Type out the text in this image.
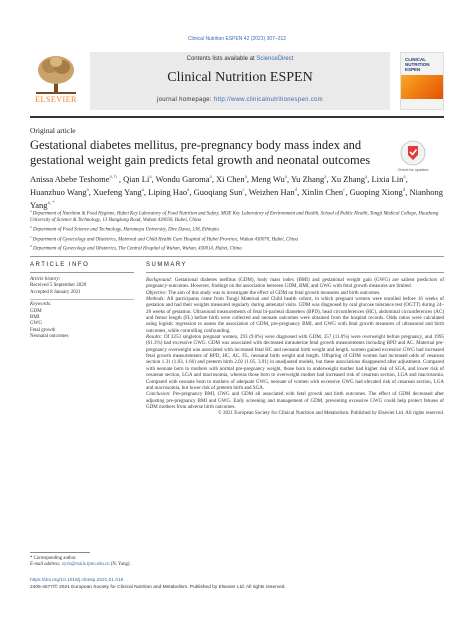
Clinical Nutrition ESPEN 42 (2021) 307–312
ELSEVIER
Contents lists available at ScienceDirect
Clinical Nutrition ESPEN
journal homepage: http://www.clinicalnutritionespen.com
CLINICAL NUTRITION ESPEN
Original article
Gestational diabetes mellitus, pre-pregnancy body mass index and gestational weight gain predicts fetal growth and neonatal outcomes
Check for updates
Anissa Abebe Teshome$^{a, b}$ , Qian Li$^a$, Wondu Garoma$^a$, Xi Chen$^a$, Meng Wu$^a$, Yu Zhang$^a$, Xu Zhang$^a$, Lixia Lin$^a$, Huanzhuo Wang$^a$, Xuefeng Yang$^a$, Liping Hao$^a$, Guoqiang Sun$^c$, Weizhen Han$^d$, Xinlin Chen$^c$, Guoping Xiong$^d$, Nianhong Yang$^{a, *}$
$^a$ Department of Nutrition & Food Hygiene, Hubei Key Laboratory of Food Nutrition and Safety, MOE Key Laboratory of Environment and Health, School of Public Health, Tongji Medical College, Huazhong University of Science & Technology, 13 Hangkong Road, Wuhan 430030, Hubei, China
$^b$ Department of Food Science and Technology, Haramaya University, Dire Dawa, 138, Ethiopia
$^c$ Department of Gynecology and Obstetrics, Maternal and Child Health Care Hospital of Hubei Province, Wuhan 430070, Hubei, China
$^d$ Department of Gynecology and Obstetrics, The Central Hospital of Wuhan, Wuhan, 430014, Hubei, China
ARTICLE INFO	SUMMARY
Article history:
Received 5 September 2020
Accepted 8 January 2021
Keywords:
GDM
BMI
GWG
Fetal growth
Neonatal outcomes

Background: Gestational diabetes mellitus (GDM), body mass index (BMI) and gestational weight gain (GWG) are salient predictors of pregnancy-outcomes. However, findings on the association between GDM, BMI, and GWG with fetal growth measures are limited.

Objective: The aim of this study was to investigate the effect of GDM on fetal growth measures and birth outcomes.

Methods: All participants came from Tongji Maternal and Child health cohort, in which pregnant women were enrolled before 16 weeks of gestation and had their weights measured regularly during antenatal visits. GDM was diagnosed by oral glucose tolerance test (OGTT) during 24–28 weeks of gestation. Ultrasound measurements of fetal bi-parietal diameters (BPD), head circumferences (HC), abdominal circumferences (AC) and femur length (FL) before birth were collected and neonate outcomes were obtained from the hospital records. Odds ratios were calculated using logistic regression to assess the association of GDM, pre-pregnancy BMI, and GWG with fetal growth measures of ultrasound and birth outcomes, while controlling confounding.

Results: Of 3253 singleton pregnant women, 293 (9.0%) were diagnosed with GDM, 357 (11.0%) were overweight before pregnancy, and 1995 (61.3%) had excessive GWG. GDM was associated with decreased intrauterine fetal growth measurements including BPD and AC. Maternal pre-pregnancy overweight was associated with increased fetal HC and neonatal birth weight and length, women gained excessive GWG had increased fetal growth measurements of BPD, HC, AC, FL, neonatal birth weight and length. Offspring of GDM women had increased odds of cesarean section 1.31 (1.03, 1.66) and preterm birth 2.02 (1.05, 3.91) in unadjusted models, but these associations disappeared after adjustment. Compared with neonate born to mothers with normal pre-pregnancy weight, those born to underweight mother had higher risk of SGA, and lower risk of cesarean section, LGA and macrosomia, whereas those born to overweight mother had increased risk of cesarean section, LGA and macrosomia. Compared with neonate born to mothers of adequate GWG, neonate of women with excessive GWG had elevated risk of cesarean section, LGA and macrosomia, but lower risk of preterm birth and SGA.

Conclusion: Pre-pregnancy BMI, GWG and GDM all associated with fetal growth and birth outcomes. The effect of GDM decreased after adjusting pre-pregnancy BMI and GWG. Early screening and management of GDM, preventing excessive GWG could help protect fetuses of GDM mothers from adverse birth outcomes.

© 2021 European Society for Clinical Nutrition and Metabolism. Published by Elsevier Ltd. All rights reserved.

* Corresponding author.
E-mail address: zyzh@mails.tjmu.edu.cn (N. Yang).
https://doi.org/10.1016/j.clnesp.2021.01.016
2405-4577/© 2021 European Society for Clinical Nutrition and Metabolism. Published by Elsevier Ltd. All rights reserved.
